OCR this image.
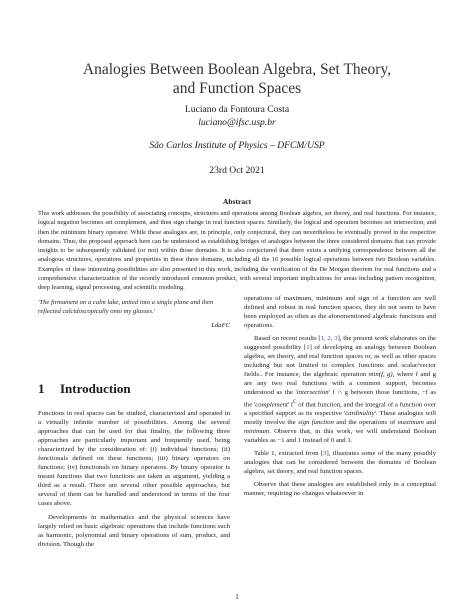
Analogies Between Boolean Algebra, Set Theory,
and Function Spaces
Luciano da Fontoura Costa
luciano@ifsc.usp.br
São Carlos Institute of Physics – DFCM/USP
23rd Oct 2021
Abstract
This work addresses the possibility of associating concepts, structures and operations among Boolean algebra, set theory, and real functions. For instance, logical negation becomes set complement, and then sign change in real function spaces. Similarly, the logical and operation becomes set intersection, and then the minimum binary operator. While these analogies are, in principle, only conjectural, they can nevertheless be eventually proved in the respective domains. Thus, the proposed approach here can be understood as establishing bridges of analogies between the three considered domains that can provide insights to be subsequently validated (or not) within those domains. It is also conjectured that there exists a unifying correspondence between all the analogous structures, operations and properties in these three domains, including all the 16 possible logical operations between two Boolean variables. Examples of these interesting possibilities are also presented in this work, including the verification of the De Morgan theorem for real functions and a comprehensive characterization of the recently introduced common product, with several important implications for areas including pattern recognition, deep learning, signal processing, and scientific modeling.
'The firmament on a calm lake, united into a single plane and then reflected calcidoscopically onto my glasses.'
LdaFC
1 Introduction

Functions in real spaces can be studied, characterized and operated in a virtually infinite number of possibilities. Among the several approaches that can be used for that finality, the following three approaches are particularly important and frequently used, being characterized by the consideration of: (i) individual functions; (ii) functionals defined on these functions; (iii) binary operators on functions; (iv) functionals on binary operators. By binary operator is meant functions that two functions are taken as argument, yielding a third as a result. There are several other possible approaches, but several of them can be handled and understood in terms of the four cases above.

Developments in mathematics and the physical sciences have largely relied on basic algebraic operations that include functions such as harmonic, polynomial and binary operations of sum, product, and division. Though the

operations of maximum, minimum and sign of a function are well defined and robust in real function spaces, they do not seem to have been employed as often as the aforementioned algebraic functions and operations.

Based on recent results [1, 2, 3], the present work elaborates on the suggested possibility [1] of developing an analogy between Boolean algebra, set theory, and real function spaces or, as well as other spaces including but not limited to complex functions and scalar/vector fields.. For instance, the algebraic operation min(f, g), where f and g are any two real functions with a common support, becomes understood as the 'intersection' f ∩ g between those functions, −f as the 'complement' $f^C$ of that function, and the integral of a function over a specified support as its respective 'cardinality'. These analogies will mostly involve the sign function and the operations of maximum and minimum. Observe that, in this work, we will understand Boolean variables as −1 and 1 instead of 0 and 1.

Table 1, extracted from [3], illustrates some of the many possibly analogies that can be considered between the domains of Boolean algebra, set theory, and real function spaces.

Observe that these analogies are established only in a conceptual manner, requiring no changes whatsoever in

1
